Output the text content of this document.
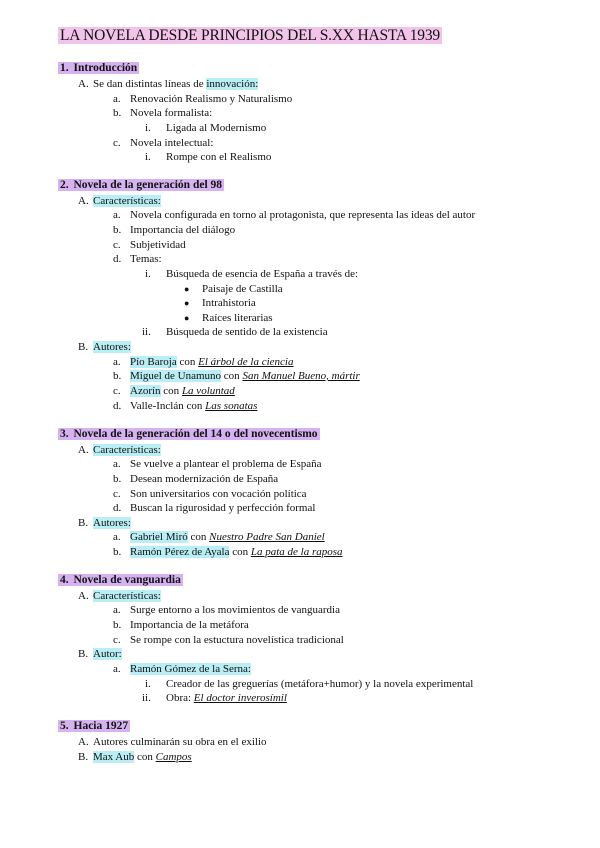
LA NOVELA DESDE PRINCIPIOS DEL S.XX HASTA 1939
1. Introducción
A. Se dan distintas líneas de innovación:
a. Renovación Realismo y Naturalismo
b. Novela formalista:
i. Ligada al Modernismo
c. Novela intelectual:
i. Rompe con el Realismo
2. Novela de la generación del 98
A. Características:
a. Novela configurada en torno al protagonista, que representa las ideas del autor
b. Importancia del diálogo
c. Subjetividad
d. Temas:
i. Búsqueda de esencia de España a través de:
● Paisaje de Castilla
● Intrahistoria
● Raíces literarias
ii. Búsqueda de sentido de la existencia
B. Autores:
a. Pío Baroja con El árbol de la ciencia
b. Miguel de Unamuno con San Manuel Bueno, mártir
c. Azorín con La voluntad
d. Valle-Inclán con Las sonatas
3. Novela de la generación del 14 o del novecentismo
A. Características:
a. Se vuelve a plantear el problema de España
b. Desean modernización de España
c. Son universitarios con vocación política
d. Buscan la rigurosidad y perfección formal
B. Autores:
a. Gabriel Miró con Nuestro Padre San Daniel
b. Ramón Pérez de Ayala con La pata de la raposa
4. Novela de vanguardia
A. Características:
a. Surge entorno a los movimientos de vanguardia
b. Importancia de la metáfora
c. Se rompe con la estuctura novelística tradicional
B. Autor:
a. Ramón Gómez de la Serna:
i. Creador de las greguerías (metáfora+humor) y la novela experimental
ii. Obra: El doctor inverosímil
5. Hacia 1927
A. Autores culminarán su obra en el exilio
B. Max Aub con Campos
